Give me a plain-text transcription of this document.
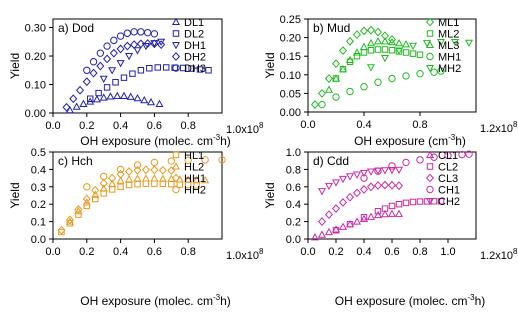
0.0 0.2 0.4 0.6 0.8
0.00
0.10
0.20
0.30
$1.0x10^8$
a) Dod
Yield
OH exposure (molec. $cm^{-3}h$)
DL1
DL2
DH1
DH2
DH3
0.0	0.4	0.8
0.00
0.05
0.10
0.15
0.20
0.25
$1.2x10^8$
b) Mud
Yield
OH exposure $(cm^{-3}h)$
ML1
ML2
ML3
MH1
MH2
0.0 0.2 0.4 0.6 0.8
0.0
0.1
0.2
0.3
0.4
0.5
$1.0x10^8$
c) Hch
Yield
OH exposure (molec. $cm^{-3}h$)
HL1
HL2
HH1
HH2
0.0 0.2 0.4 0.6 0.8 1.0
0.0
0.2
0.4
0.6
0.8
1.0
$1.2x10^8$
d) Cdd
Yield
OH exposure (molec. $cm^{-3}h$)
CL1
CL2
CL3
CH1
CH2
